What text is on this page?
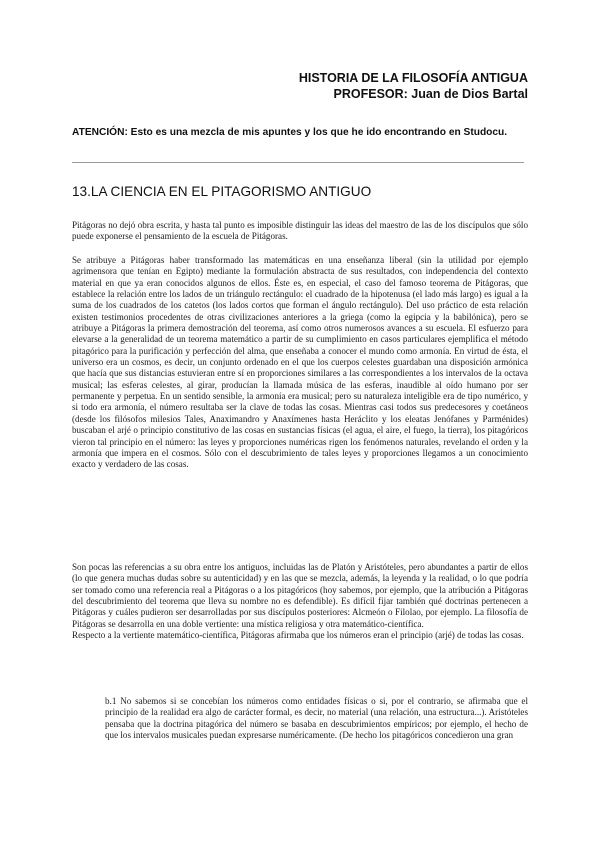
HISTORIA DE LA FILOSOFÍA ANTIGUA
PROFESOR: Juan de Dios Bartal
ATENCIÓN: Esto es una mezcla de mis apuntes y los que he ido encontrando en Studocu.
13.LA CIENCIA EN EL PITAGORISMO ANTIGUO
Pitágoras no dejó obra escrita, y hasta tal punto es imposible distinguir las ideas del maestro de las de los discípulos que sólo puede exponerse el pensamiento de la escuela de Pitágoras.
Se atribuye a Pitágoras haber transformado las matemáticas en una enseñanza liberal (sin la utilidad por ejemplo agrimensora que tenían en Egipto) mediante la formulación abstracta de sus resultados, con independencia del contexto material en que ya eran conocidos algunos de ellos. Éste es, en especial, el caso del famoso teorema de Pitágoras, que establece la relación entre los lados de un triángulo rectángulo: el cuadrado de la hipotenusa (el lado más largo) es igual a la suma de los cuadrados de los catetos (los lados cortos que forman el ángulo rectángulo). Del uso práctico de esta relación existen testimonios procedentes de otras civilizaciones anteriores a la griega (como la egipcia y la babilónica), pero se atribuye a Pitágoras la primera demostración del teorema, así como otros numerosos avances a su escuela. El esfuerzo para elevarse a la generalidad de un teorema matemático a partir de su cumplimiento en casos particulares ejemplifica el método pitagórico para la purificación y perfección del alma, que enseñaba a conocer el mundo como armonía. En virtud de ésta, el universo era un cosmos, es decir, un conjunto ordenado en el que los cuerpos celestes guardaban una disposición armónica que hacía que sus distancias estuvieran entre sí en proporciones similares a las correspondientes a los intervalos de la octava musical; las esferas celestes, al girar, producían la llamada música de las esferas, inaudible al oído humano por ser permanente y perpetua. En un sentido sensible, la armonía era musical; pero su naturaleza inteligible era de tipo numérico, y si todo era armonía, el número resultaba ser la clave de todas las cosas. Mientras casi todos sus predecesores y coetáneos (desde los filósofos milesios Tales, Anaximandro y Anaxímenes hasta Heráclito y los eleatas Jenófanes y Parménides) buscaban el arjé o principio constitutivo de las cosas en sustancias físicas (el agua, el aire, el fuego, la tierra), los pitagóricos vieron tal principio en el número: las leyes y proporciones numéricas rigen los fenómenos naturales, revelando el orden y la armonía que impera en el cosmos. Sólo con el descubrimiento de tales leyes y proporciones llegamos a un conocimiento exacto y verdadero de las cosas.
Son pocas las referencias a su obra entre los antiguos, incluidas las de Platón y Aristóteles, pero abundantes a partir de ellos (lo que genera muchas dudas sobre su autenticidad) y en las que se mezcla, además, la leyenda y la realidad, o lo que podría ser tomado como una referencia real a Pitágoras o a los pitagóricos (hoy sabemos, por ejemplo, que la atribución a Pitágoras del descubrimiento del teorema que lleva su nombre no es defendible). Es difícil fijar también qué doctrinas pertenecen a Pitágoras y cuáles pudieron ser desarrolladas por sus discípulos posteriores: Alcmeón o Filolao, por ejemplo. La filosofía de Pitágoras se desarrolla en una doble vertiente: una mística religiosa y otra matemático-científica.
Respecto a la vertiente matemático-científica, Pitágoras afirmaba que los números eran el principio (arjé) de todas las cosas.
b.1 No sabemos si se concebían los números como entidades físicas o si, por el contrario, se afirmaba que el principio de la realidad era algo de carácter formal, es decir, no material (una relación, una estructura...). Aristóteles pensaba que la doctrina pitagórica del número se basaba en descubrimientos empíricos; por ejemplo, el hecho de que los intervalos musicales puedan expresarse numéricamente. (De hecho los pitagóricos concedieron una gran
